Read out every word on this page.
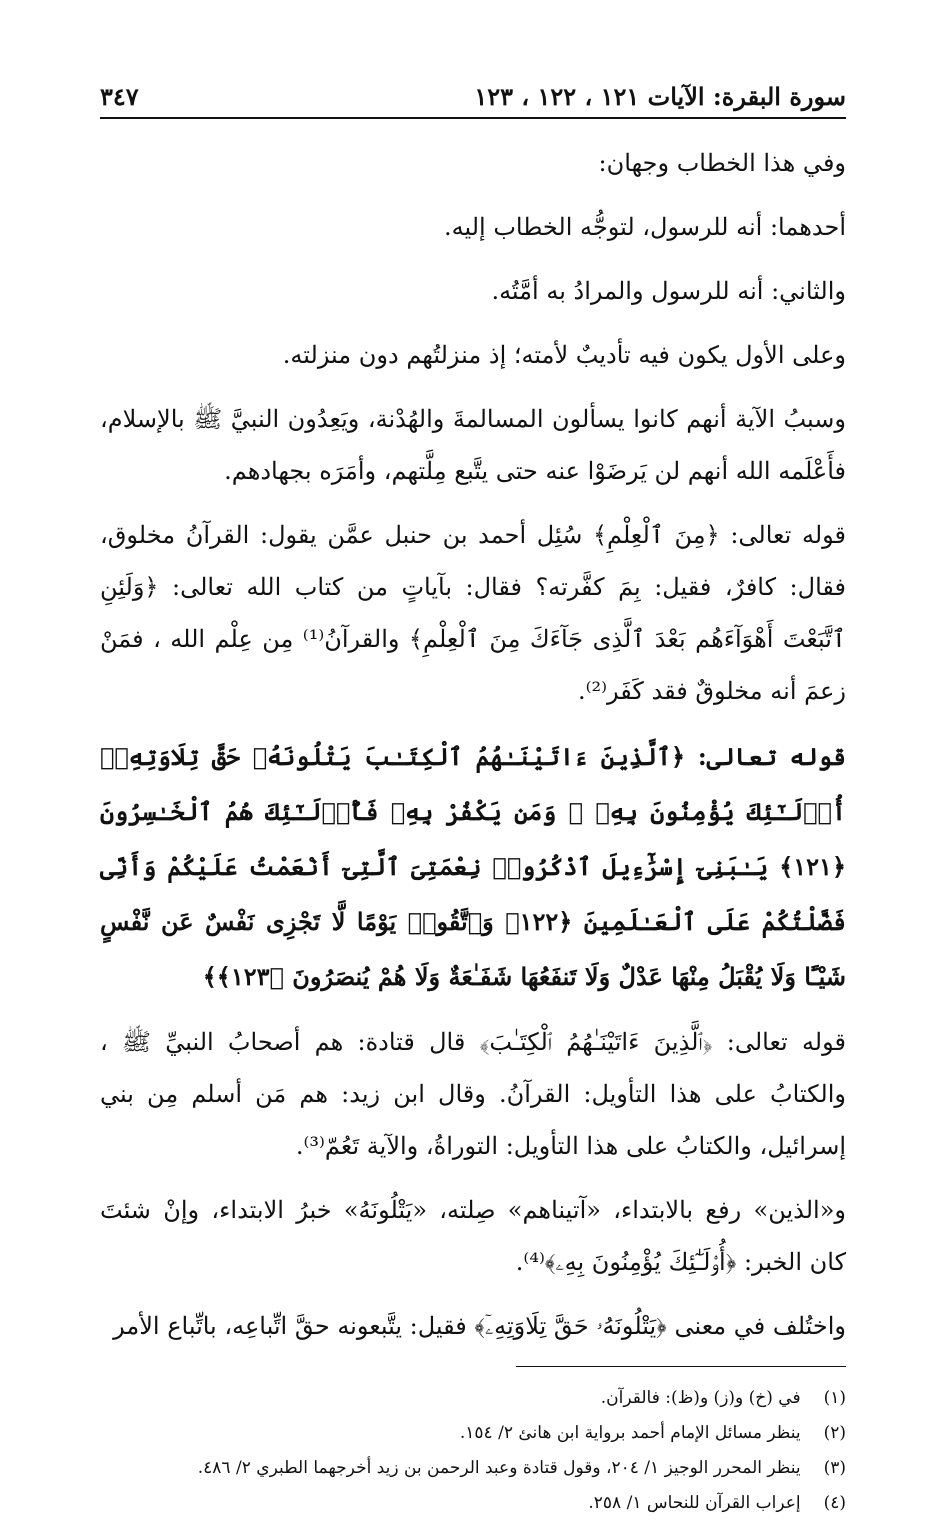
سورة البقرة: الآيات ١٢١ ، ١٢٢ ، ١٢٣
٣٤٧

وفي هذا الخطاب وجهان:

أحدهما: أنه للرسول، لتوجُّه الخطاب إليه.

والثاني: أنه للرسول والمرادُ به أمَّتُه.

وعلى الأول يكون فيه تأديبٌ لأمته؛ إذ منزلتُهم دون منزلته.

وسببُ الآية أنهم كانوا يسألون المسالمةَ والهُدْنة، ويَعِدُون النبيَّ ﷺ بالإسلام، فأَعْلَمه الله أنهم لن يَرضَوْا عنه حتى يتَّبع مِلَّتهم، وأمَرَه بجهادهم.

قوله تعالى: ﴿مِنَ ٱلْعِلْمِ﴾ سُئِل أحمد بن حنبل عمَّن يقول: القرآنُ مخلوق، فقال: كافرٌ، فقيل: بِمَ كفَّرته؟ فقال: بآياتٍ من كتاب الله تعالى: ﴿وَلَئِنِ ٱتَّبَعْتَ أَهْوَآءَهُم بَعْدَ ٱلَّذِى جَآءَكَ مِنَ ٱلْعِلْمِ﴾ والقرآنُ⁽¹⁾ مِن عِلْم الله ، فمَنْ زعمَ أنه مخلوقٌ فقد كَفَر⁽²⁾.

قوله تعالى: ﴿ٱلَّذِينَ ءَاتَيْنَـٰهُمُ ٱلْكِتَـٰبَ يَتْلُونَهُۥ حَقَّ تِلَاوَتِهِۦٓ أُو۟لَـٰٓئِكَ يُؤْمِنُونَ بِهِۦ ۗ وَمَن يَكْفُرْ بِهِۦ فَأُو۟لَـٰٓئِكَ هُمُ ٱلْخَـٰسِرُونَ ﴿١٢١﴾ يَـٰبَنِىٓ إِسْرَٰٓءِيلَ ٱذْكُرُوا۟ نِعْمَتِىَ ٱلَّتِىٓ أَنْعَمْتُ عَلَيْكُمْ وَأَنِّى فَضَّلْتُكُمْ عَلَى ٱلْعَـٰلَمِينَ ﴿١٢٢﴾ وَٱتَّقُوا۟ يَوْمًا لَّا تَجْزِى نَفْسٌ عَن نَّفْسٍ شَيْـًٔا وَلَا يُقْبَلُ مِنْهَا عَدْلٌ وَلَا تَنفَعُهَا شَفَـٰعَةٌ وَلَا هُمْ يُنصَرُونَ ﴿١٢٣﴾﴾

قوله تعالى: ﴿ٱلَّذِينَ ءَاتَيْنَـٰهُمُ ٱلْكِتَـٰبَ﴾ قال قتادة: هم أصحابُ النبيِّ ﷺ ، والكتابُ على هذا التأويل: القرآنُ. وقال ابن زيد: هم مَن أسلم مِن بني إسرائيل، والكتابُ على هذا التأويل: التوراةُ، والآية تَعُمّ⁽³⁾.

و«الذين» رفع بالابتداء، «آتيناهم» صِلته، «يَتْلُونَهُ» خبرُ الابتداء، وإنْ شئتَ كان الخبر: ﴿أُو۟لَـٰٓئِكَ يُؤْمِنُونَ بِهِۦ﴾⁽⁴⁾.

واختُلف في معنى ﴿يَتْلُونَهُۥ حَقَّ تِلَاوَتِهِۦٓ﴾ فقيل: يتَّبعونه حقَّ اتِّباعِه، باتِّباع الأمر

(١) في (خ) و(ز) و(ظ): فالقرآن.
(٢) ينظر مسائل الإمام أحمد برواية ابن هانئ ٢/ ١٥٤.
(٣) ينظر المحرر الوجيز ١/ ٢٠٤، وقول قتادة وعبد الرحمن بن زيد أخرجهما الطبري ٢/ ٤٨٦.
(٤) إعراب القرآن للنحاس ١/ ٢٥٨.
